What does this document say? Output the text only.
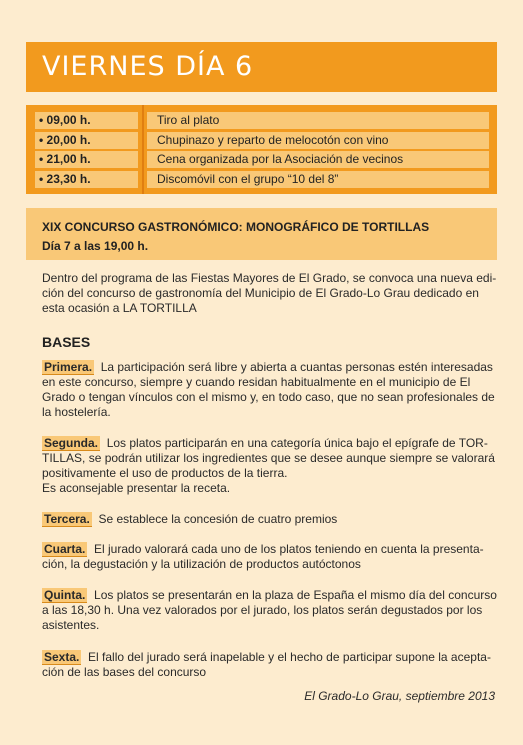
VIERNES DÍA 6
• 09,00 h.	Tiro al plato
• 20,00 h.	Chupinazo y reparto de melocotón con vino
• 21,00 h.	Cena organizada por la Asociación de vecinos
• 23,30 h.	Discomóvil con el grupo “10 del 8”
XIX CONCURSO GASTRONÓMICO: MONOGRÁFICO DE TORTILLAS
Día 7 a las 19,00 h.
Dentro del programa de las Fiestas Mayores de El Grado, se convoca una nueva edi-
ción del concurso de gastronomía del Municipio de El Grado-Lo Grau dedicado en
esta ocasión a LA TORTILLA
BASES
Primera. La participación será libre y abierta a cuantas personas estén interesadas
en este concurso, siempre y cuando residan habitualmente en el municipio de El
Grado o tengan vínculos con el mismo y, en todo caso, que no sean profesionales de
la hostelería.
Segunda. Los platos participarán en una categoría única bajo el epígrafe de TOR-
TILLAS, se podrán utilizar los ingredientes que se desee aunque siempre se valorará
positivamente el uso de productos de la tierra.
Es aconsejable presentar la receta.
Tercera. Se establece la concesión de cuatro premios
Cuarta. El jurado valorará cada uno de los platos teniendo en cuenta la presenta-
ción, la degustación y la utilización de productos autóctonos
Quinta. Los platos se presentarán en la plaza de España el mismo día del concurso
a las 18,30 h. Una vez valorados por el jurado, los platos serán degustados por los
asistentes.
Sexta. El fallo del jurado será inapelable y el hecho de participar supone la acepta-
ción de las bases del concurso
El Grado-Lo Grau, septiembre 2013
